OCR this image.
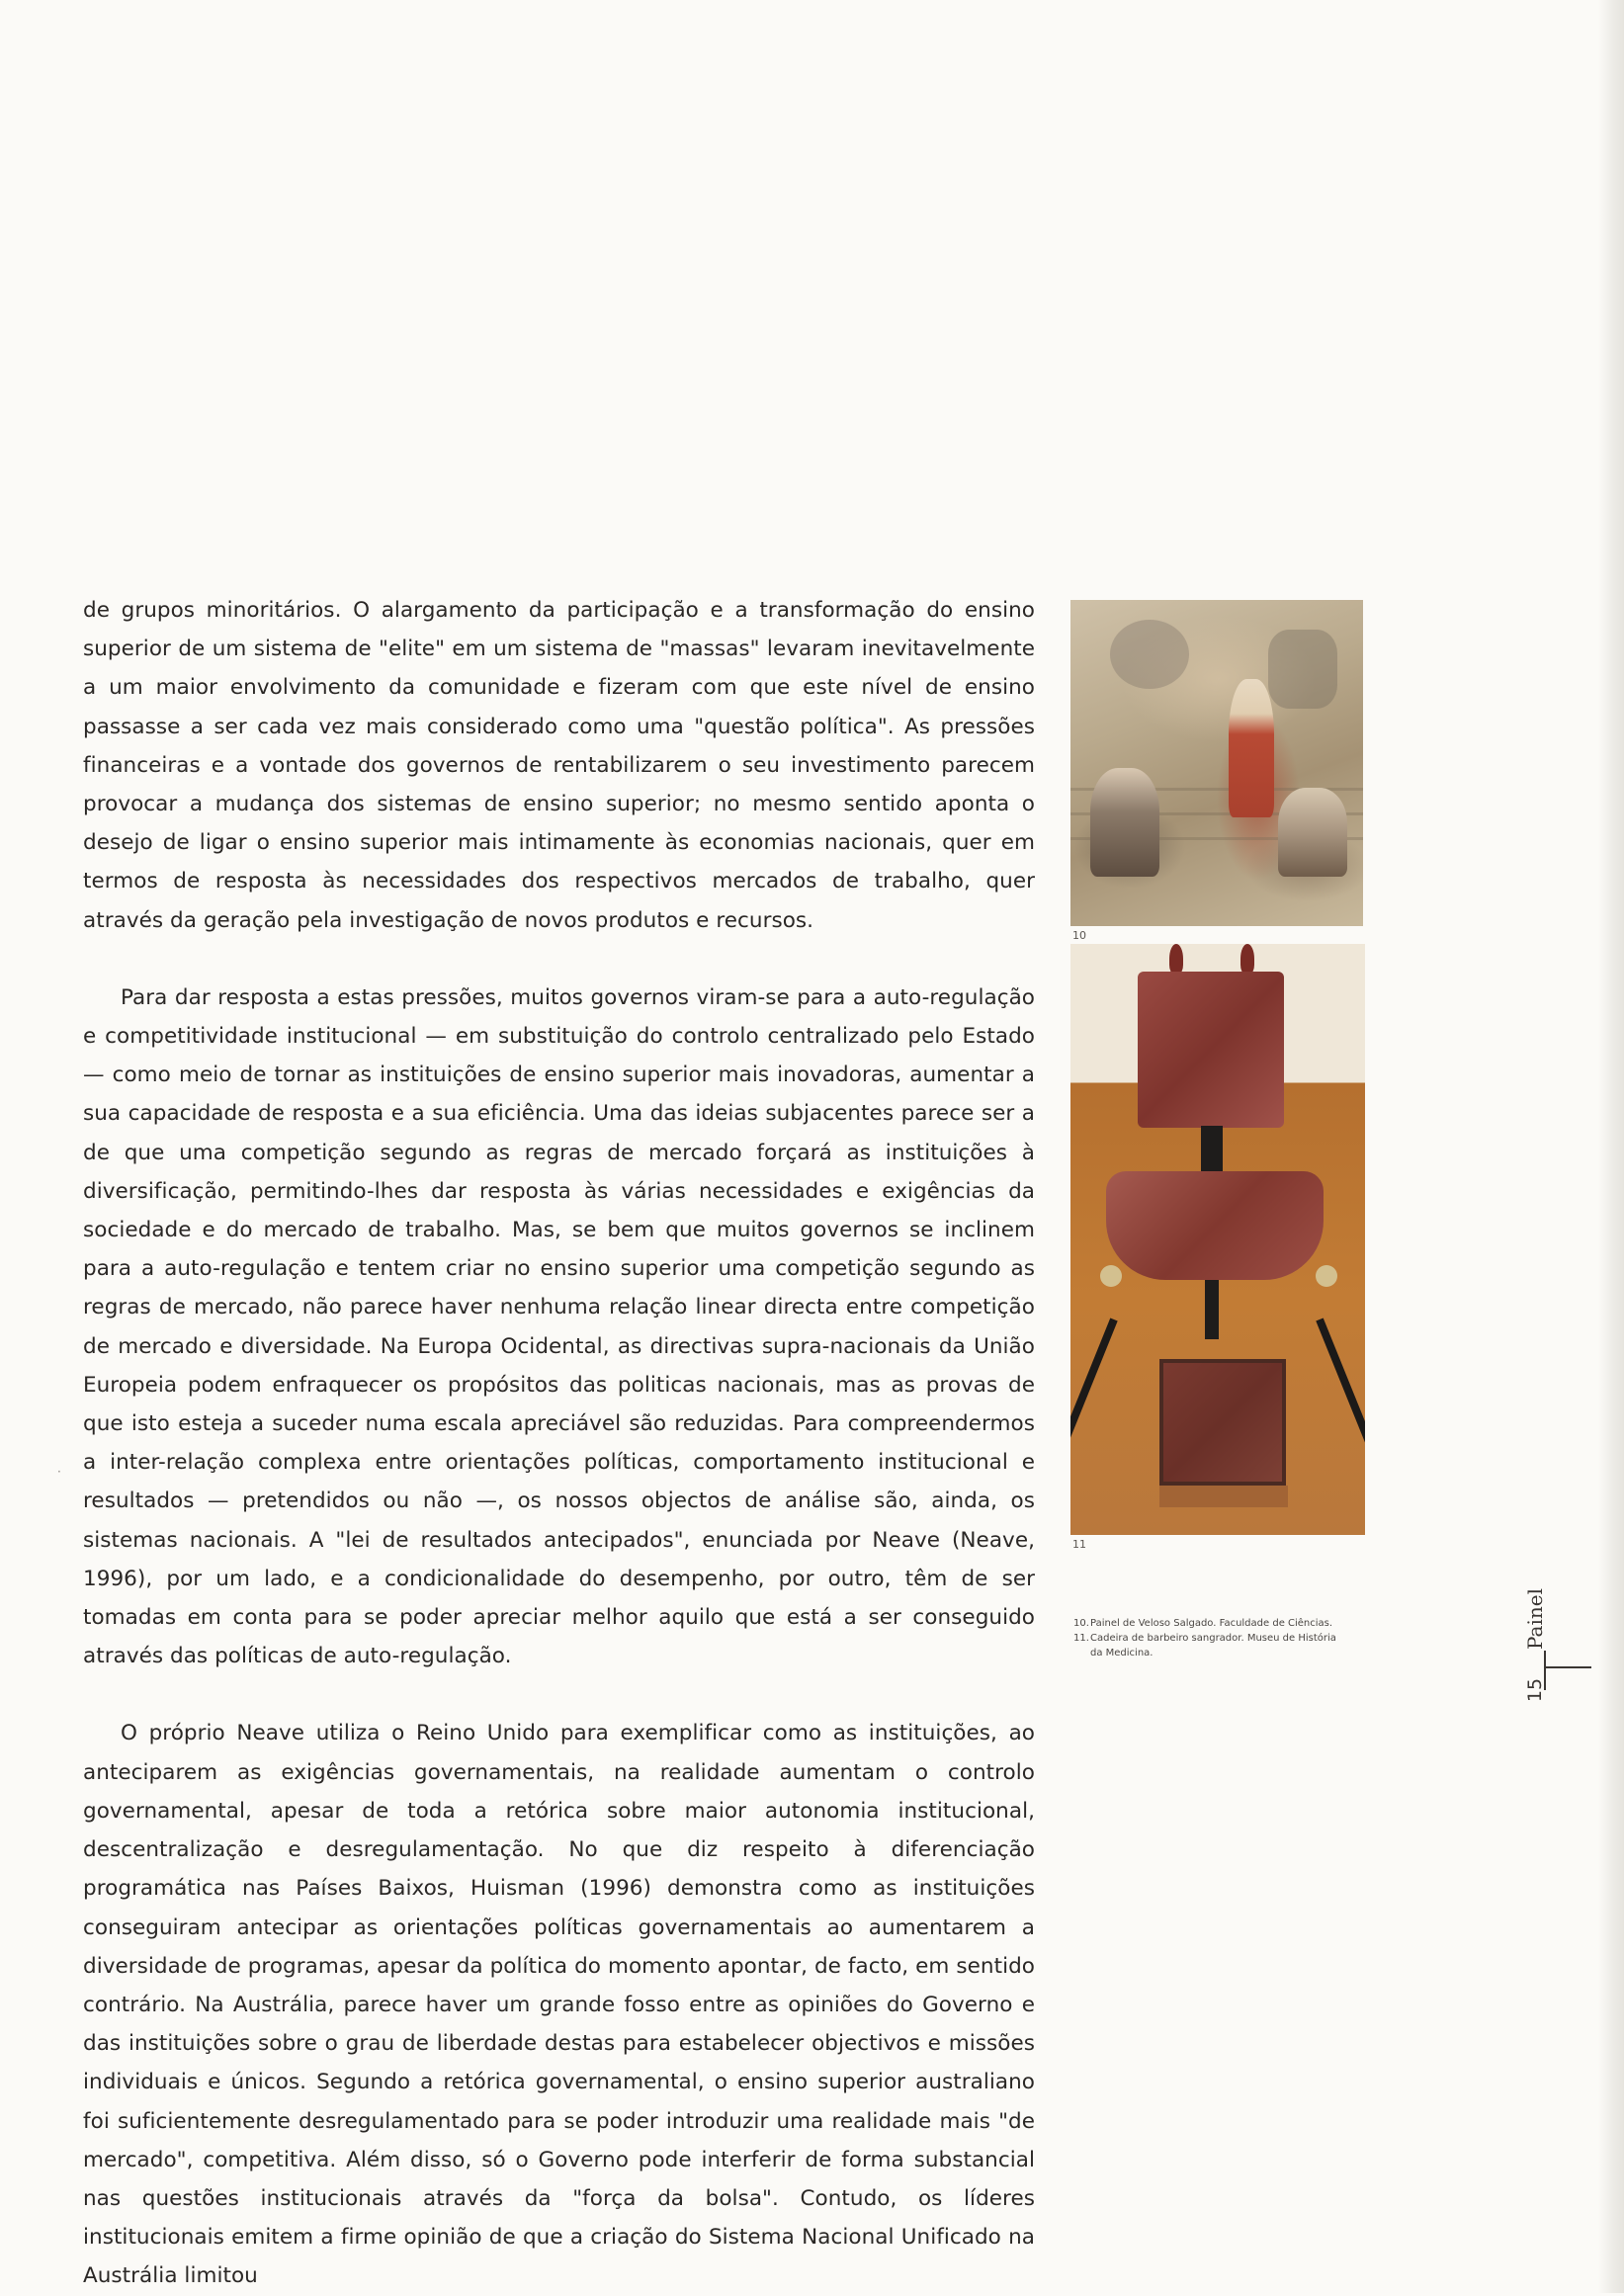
de grupos minoritários. O alargamento da participação e a transformação do ensino superior de um sistema de "elite" em um sistema de "massas" levaram inevitavelmente a um maior envolvimento da comunidade e fizeram com que este nível de ensino passasse a ser cada vez mais considerado como uma "questão política". As pressões financeiras e a vontade dos governos de rentabilizarem o seu investimento parecem provocar a mudança dos sistemas de ensino superior; no mesmo sentido aponta o desejo de ligar o ensino superior mais intimamente às economias nacionais, quer em termos de resposta às necessidades dos respectivos mercados de trabalho, quer através da geração pela investigação de novos produtos e recursos.

Para dar resposta a estas pressões, muitos governos viram-se para a auto-regulação e competitividade institucional — em substituição do controlo centralizado pelo Estado — como meio de tornar as instituições de ensino superior mais inovadoras, aumentar a sua capacidade de resposta e a sua eficiência. Uma das ideias subjacentes parece ser a de que uma competição segundo as regras de mercado forçará as instituições à diversificação, permitindo-lhes dar resposta às várias necessidades e exigências da sociedade e do mercado de trabalho. Mas, se bem que muitos governos se inclinem para a auto-regulação e tentem criar no ensino superior uma competição segundo as regras de mercado, não parece haver nenhuma relação linear directa entre competição de mercado e diversidade. Na Europa Ocidental, as directivas supra-nacionais da União Europeia podem enfraquecer os propósitos das politicas nacionais, mas as provas de que isto esteja a suceder numa escala apreciável são reduzidas. Para compreendermos a inter-relação complexa entre orientações políticas, comportamento institucional e resultados — pretendidos ou não —, os nossos objectos de análise são, ainda, os sistemas nacionais. A "lei de resultados antecipados", enunciada por Neave (Neave, 1996), por um lado, e a condicionalidade do desempenho, por outro, têm de ser tomadas em conta para se poder apreciar melhor aquilo que está a ser conseguido através das políticas de auto-regulação.

O próprio Neave utiliza o Reino Unido para exemplificar como as instituições, ao anteciparem as exigências governamentais, na realidade aumentam o controlo governamental, apesar de toda a retórica sobre maior autonomia institucional, descentralização e desregulamentação. No que diz respeito à diferenciação programática nas Países Baixos, Huisman (1996) demonstra como as instituições conseguiram antecipar as orientações políticas governamentais ao aumentarem a diversidade de programas, apesar da política do momento apontar, de facto, em sentido contrário. Na Austrália, parece haver um grande fosso entre as opiniões do Governo e das instituições sobre o grau de liberdade destas para estabelecer objectivos e missões individuais e únicos. Segundo a retórica governamental, o ensino superior australiano foi suficientemente desregulamentado para se poder introduzir uma realidade mais "de mercado", competitiva. Além disso, só o Governo pode interferir de forma substancial nas questões institucionais através da "força da bolsa". Contudo, os líderes institucionais emitem a firme opinião de que a criação do Sistema Nacional Unificado na Austrália limitou

·
10
11

10.Painel de Veloso Salgado. Faculdade de Ciências.

11.Cadeira de barbeiro sangrador. Museu de História

da Medicina.

Painel
15
